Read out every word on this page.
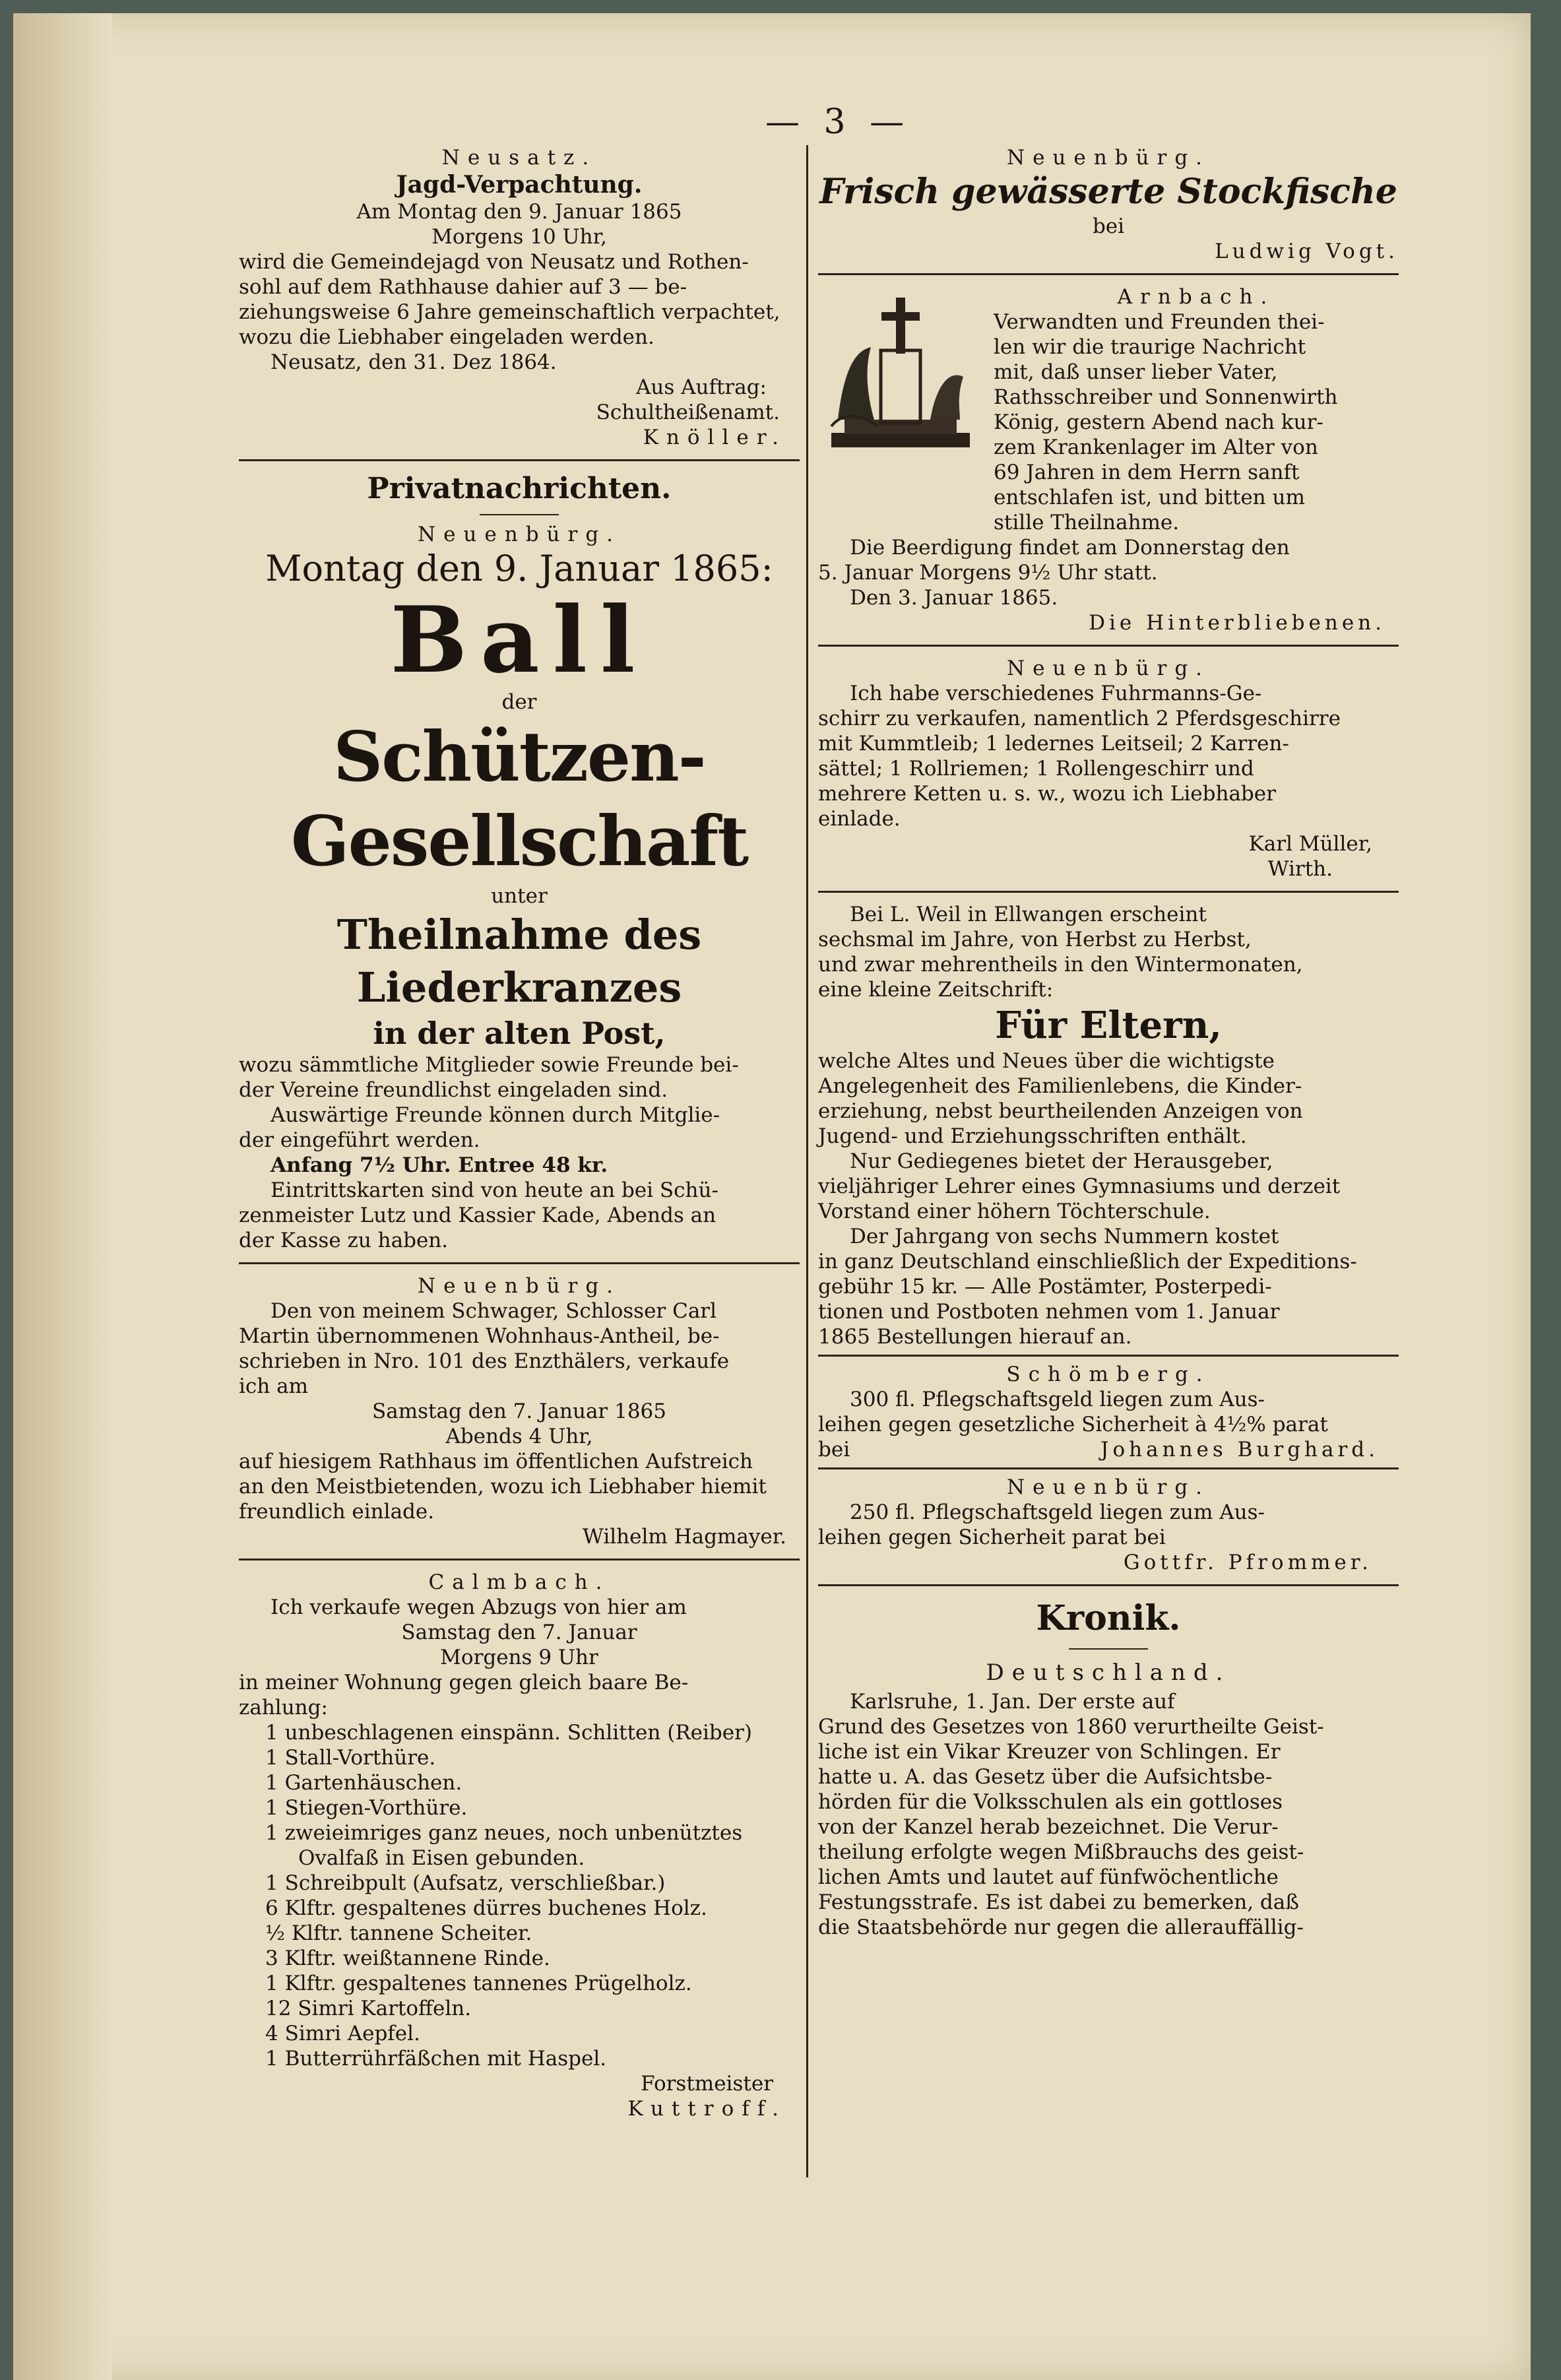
— 3 —

Neusatz.

Jagd-Verpachtung.

Am Montag den 9. Januar 1865

Morgens 10 Uhr,

wird die Gemeindejagd von Neusatz und Rothen-

sohl auf dem Rathhause dahier auf 3 — be-

ziehungsweise 6 Jahre gemeinschaftlich verpachtet,

wozu die Liebhaber eingeladen werden.

Neusatz, den 31. Dez 1864.

Aus Auftrag:

Schultheißenamt.

Knöller.

Privatnachrichten.

Neuenbürg.

Montag den 9. Januar 1865:

Ball

der

Schützen-Gesellschaft

unter

Theilnahme des Liederkranzes

in der alten Post,

wozu sämmtliche Mitglieder sowie Freunde bei-

der Vereine freundlichst eingeladen sind.

Auswärtige Freunde können durch Mitglie-

der eingeführt werden.

Anfang 7½ Uhr. Entree 48 kr.

Eintrittskarten sind von heute an bei Schü-

zenmeister Lutz und Kassier Kade, Abends an

der Kasse zu haben.

Neuenbürg.

Den von meinem Schwager, Schlosser Carl

Martin übernommenen Wohnhaus-Antheil, be-

schrieben in Nro. 101 des Enzthälers, verkaufe

ich am

Samstag den 7. Januar 1865

Abends 4 Uhr,

auf hiesigem Rathhaus im öffentlichen Aufstreich

an den Meistbietenden, wozu ich Liebhaber hiemit

freundlich einlade.

Wilhelm Hagmayer.

Calmbach.

Ich verkaufe wegen Abzugs von hier am

Samstag den 7. Januar

Morgens 9 Uhr

in meiner Wohnung gegen gleich baare Be-

zahlung:

1 unbeschlagenen einspänn. Schlitten (Reiber)
1 Stall-Vorthüre.
1 Gartenhäuschen.
1 Stiegen-Vorthüre.
1 zweieimriges ganz neues, noch unbenütztes
Ovalfaß in Eisen gebunden.
1 Schreibpult (Aufsatz, verschließbar.)
6 Klftr. gespaltenes dürres buchenes Holz.
½ Klftr. tannene Scheiter.
3 Klftr. weißtannene Rinde.
1 Klftr. gespaltenes tannenes Prügelholz.
12 Simri Kartoffeln.
4 Simri Aepfel.
1 Butterrührfäßchen mit Haspel.

Forstmeister

Kuttroff.

Neuenbürg.

Frisch gewässerte Stockfische

bei

Ludwig Vogt.

Arnbach.

Verwandten und Freunden thei-

len wir die traurige Nachricht

mit, daß unser lieber Vater,

Rathsschreiber und Sonnenwirth

König, gestern Abend nach kur-

zem Krankenlager im Alter von

69 Jahren in dem Herrn sanft

entschlafen ist, und bitten um

stille Theilnahme.

Die Beerdigung findet am Donnerstag den

5. Januar Morgens 9½ Uhr statt.

Den 3. Januar 1865.

Die Hinterbliebenen.

Neuenbürg.

Ich habe verschiedenes Fuhrmanns-Ge-

schirr zu verkaufen, namentlich 2 Pferdsgeschirre

mit Kummtleib; 1 ledernes Leitseil; 2 Karren-

sättel; 1 Rollriemen; 1 Rollengeschirr und

mehrere Ketten u. s. w., wozu ich Liebhaber

einlade.

Karl Müller,

Wirth.

Bei L. Weil in Ellwangen erscheint

sechsmal im Jahre, von Herbst zu Herbst,

und zwar mehrentheils in den Wintermonaten,

eine kleine Zeitschrift:

Für Eltern,

welche Altes und Neues über die wichtigste

Angelegenheit des Familienlebens, die Kinder-

erziehung, nebst beurtheilenden Anzeigen von

Jugend- und Erziehungsschriften enthält.

Nur Gediegenes bietet der Herausgeber,

vieljähriger Lehrer eines Gymnasiums und derzeit

Vorstand einer höhern Töchterschule.

Der Jahrgang von sechs Nummern kostet

in ganz Deutschland einschließlich der Expeditions-

gebühr 15 kr. — Alle Postämter, Posterpedi-

tionen und Postboten nehmen vom 1. Januar

1865 Bestellungen hierauf an.

Schömberg.

300 fl. Pflegschaftsgeld liegen zum Aus-

leihen gegen gesetzliche Sicherheit à 4½% parat

bei	Johannes Burghard.

Neuenbürg.

250 fl. Pflegschaftsgeld liegen zum Aus-

leihen gegen Sicherheit parat bei

Gottfr. Pfrommer.

Kronik.

Deutschland.

Karlsruhe, 1. Jan. Der erste auf

Grund des Gesetzes von 1860 verurtheilte Geist-

liche ist ein Vikar Kreuzer von Schlingen. Er

hatte u. A. das Gesetz über die Aufsichtsbe-

hörden für die Volksschulen als ein gottloses

von der Kanzel herab bezeichnet. Die Verur-

theilung erfolgte wegen Mißbrauchs des geist-

lichen Amts und lautet auf fünfwöchentliche

Festungsstrafe. Es ist dabei zu bemerken, daß

die Staatsbehörde nur gegen die allerauffällig-
